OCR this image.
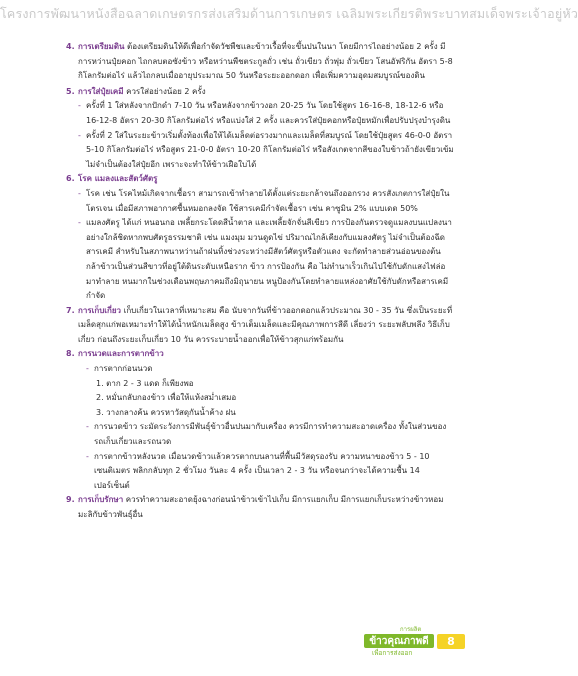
โครงการพัฒนาหนังสือฉลาดเกษตรกรส่งเสริมด้านการเกษตร เฉลิมพระเกียรติพระบาทสมเด็จพระเจ้าอยู่หัว
4. การเตรียมดิน ต้องเตรียมดินให้ดีเพื่อกำจัดวัชพืชและข้าวเรื้อที่จะขึ้นปนในนา โดยมีการไถอย่างน้อย 2 ครั้ง มีการหว่านปุ๋ยคอก ไถกลบตอซังข้าว หรือหว่านพืชตระกูลถั่ว เช่น ถั่วเขียว ถั่วพุ่ม ถั่วเขียว โสนอัฟริกัน อัตรา 5-8 กิโลกรัมต่อไร่ แล้วไถกลบเมื่ออายุประมาณ 50 วันหรือระยะออกดอก เพื่อเพิ่มความอุดมสมบูรณ์ของดิน
5. การใส่ปุ๋ยเคมี ควรใส่อย่างน้อย 2 ครั้ง
- ครั้งที่ 1 ใส่หลังจากปักดำ 7-10 วัน หรือหลังจากข้าวงอก 20-25 วัน โดยใช้สูตร 16-16-8, 18-12-6 หรือ 16-12-8 อัตรา 20-30 กิโลกรัมต่อไร่ หรือแบ่งใส่ 2 ครั้ง และควรใส่ปุ๋ยคอกหรือปุ๋ยหมักเพื่อปรับปรุงบำรุงดิน
- ครั้งที่ 2 ใส่ในระยะข้าวเริ่มตั้งท้องเพื่อให้ได้เมล็ดต่อรวงมากและเมล็ดที่สมบูรณ์ โดยใช้ปุ๋ยสูตร 46-0-0 อัตรา 5-10 กิโลกรัมต่อไร่ หรือสูตร 21-0-0 อัตรา 10-20 กิโลกรัมต่อไร่ หรือสังเกตจากสีของใบข้าวถ้ายังเขียวเข้มไม่จำเป็นต้องใส่ปุ๋ยอีก เพราะจะทำให้ข้าวเฝือใบได้
6. โรค แมลงและสัตว์ศัตรู
- โรค เช่น โรคไหม้เกิดจากเชื้อรา สามารถเข้าทำลายได้ตั้งแต่ระยะกล้าจนถึงออกรวง ควรสังเกตการใส่ปุ๋ยในโตรเจน เมื่อมีสภาพอากาศชื้นหมอกลงจัด ใช้สารเคมีกำจัดเชื้อรา เช่น คาซูมิน 2% แบบเดด 50%
- แมลงศัตรู ได้แก่ หนอนกอ เพลี้ยกระโดดสีน้ำตาล และเพลี้ยจักจั่นสีเขียว การป้องกันตรวจดูแมลงบนแปลงนาอย่างใกล้ชิดหากพบศัตรูธรรมชาติ เช่น แมงมุม มวนดูดไข่ ปริมาณไกล้เคียงกับแมลงศัตรู ไม่จำเป็นต้องฉีดสารเคมี สำหรับในสภาพนาหว่านถ้าฝนทิ้งช่วงระหว่างมีสัตว์ศัตรูหรือตัวแดง จะกัดทำลายส่วนอ่อนของต้นกล้าข้าวเป็นส่วนสีขาวที่อยู่ใต้ดินระดับเหนือราก ข้าว การป้องกัน คือ ไม่ทำนาเร็วเกินไปใช้กับดักแสงไฟล่อมาทำลาย หนมากในช่วงเดือนพฤษภาคมถึงมิถุนายน หนูป้องกันโดยทำลายแหล่งอาศัยใช้กับดักหรือสารเคมีกำจัด
7. การเก็บเกี่ยว เก็บเกี่ยวในเวลาที่เหมาะสม คือ นับจากวันที่ข้าวออกดอกแล้วประมาณ 30 - 35 วัน ซึ่งเป็นระยะที่เมล็ดสุกแก่พอเหมาะทำให้ได้น้ำหนักเมล็ดสูง ข้าวเต็มเมล็ดและมีคุณภาพการสีดี เลี่ยงว่า ระยะพลับพลึง วิธีเก็บเกี่ยว ก่อนถึงระยะเก็บเกี่ยว 10 วัน ควรระบายน้ำออกเพื่อให้ข้าวสุกแก่พร้อมกัน
8. การนวดและการตากข้าว
- การตากก่อนนวด
1. ตาก 2 - 3 แดด ก็เพียงพอ
2. หมั่นกลับกองข้าว เพื่อให้แห้งสม่ำเสมอ
3. วางกลางค้น ควรหาวัสดุกันน้ำค้าง ฝน
- การนวดข้าว ระมัดระวังการมีพันธุ์ข้าวอื่นปนมากับเครื่อง ควรมีการทำความสะอาดเครื่อง ทั้งในส่วนของรถเก็บเกี่ยวและรถนวด
- การตากข้าวหลังนวด เมื่อนวดข้าวแล้วควรตากบนลานที่พื้นมีวัสดุรองรับ ความหนาของข้าว 5 - 10 เซนติเมตร พลิกกลับทุก 2 ชั่วโมง วันละ 4 ครั้ง เป็นเวลา 2 - 3 วัน หรือจนกว่าจะได้ความชื้น 14 เปอร์เซ็นต์
9. การเก็บรักษา ควรทำความสะอาดยุ้งฉางก่อนนำข้าวเข้าไปเก็บ มีการแยกเก็บ มีการแยกเก็บระหว่างข้าวหอมมะลิกับข้าวพันธุ์อื่น
การผลิต
ข้าวคุณภาพดี
เพื่อการส่งออก
8
